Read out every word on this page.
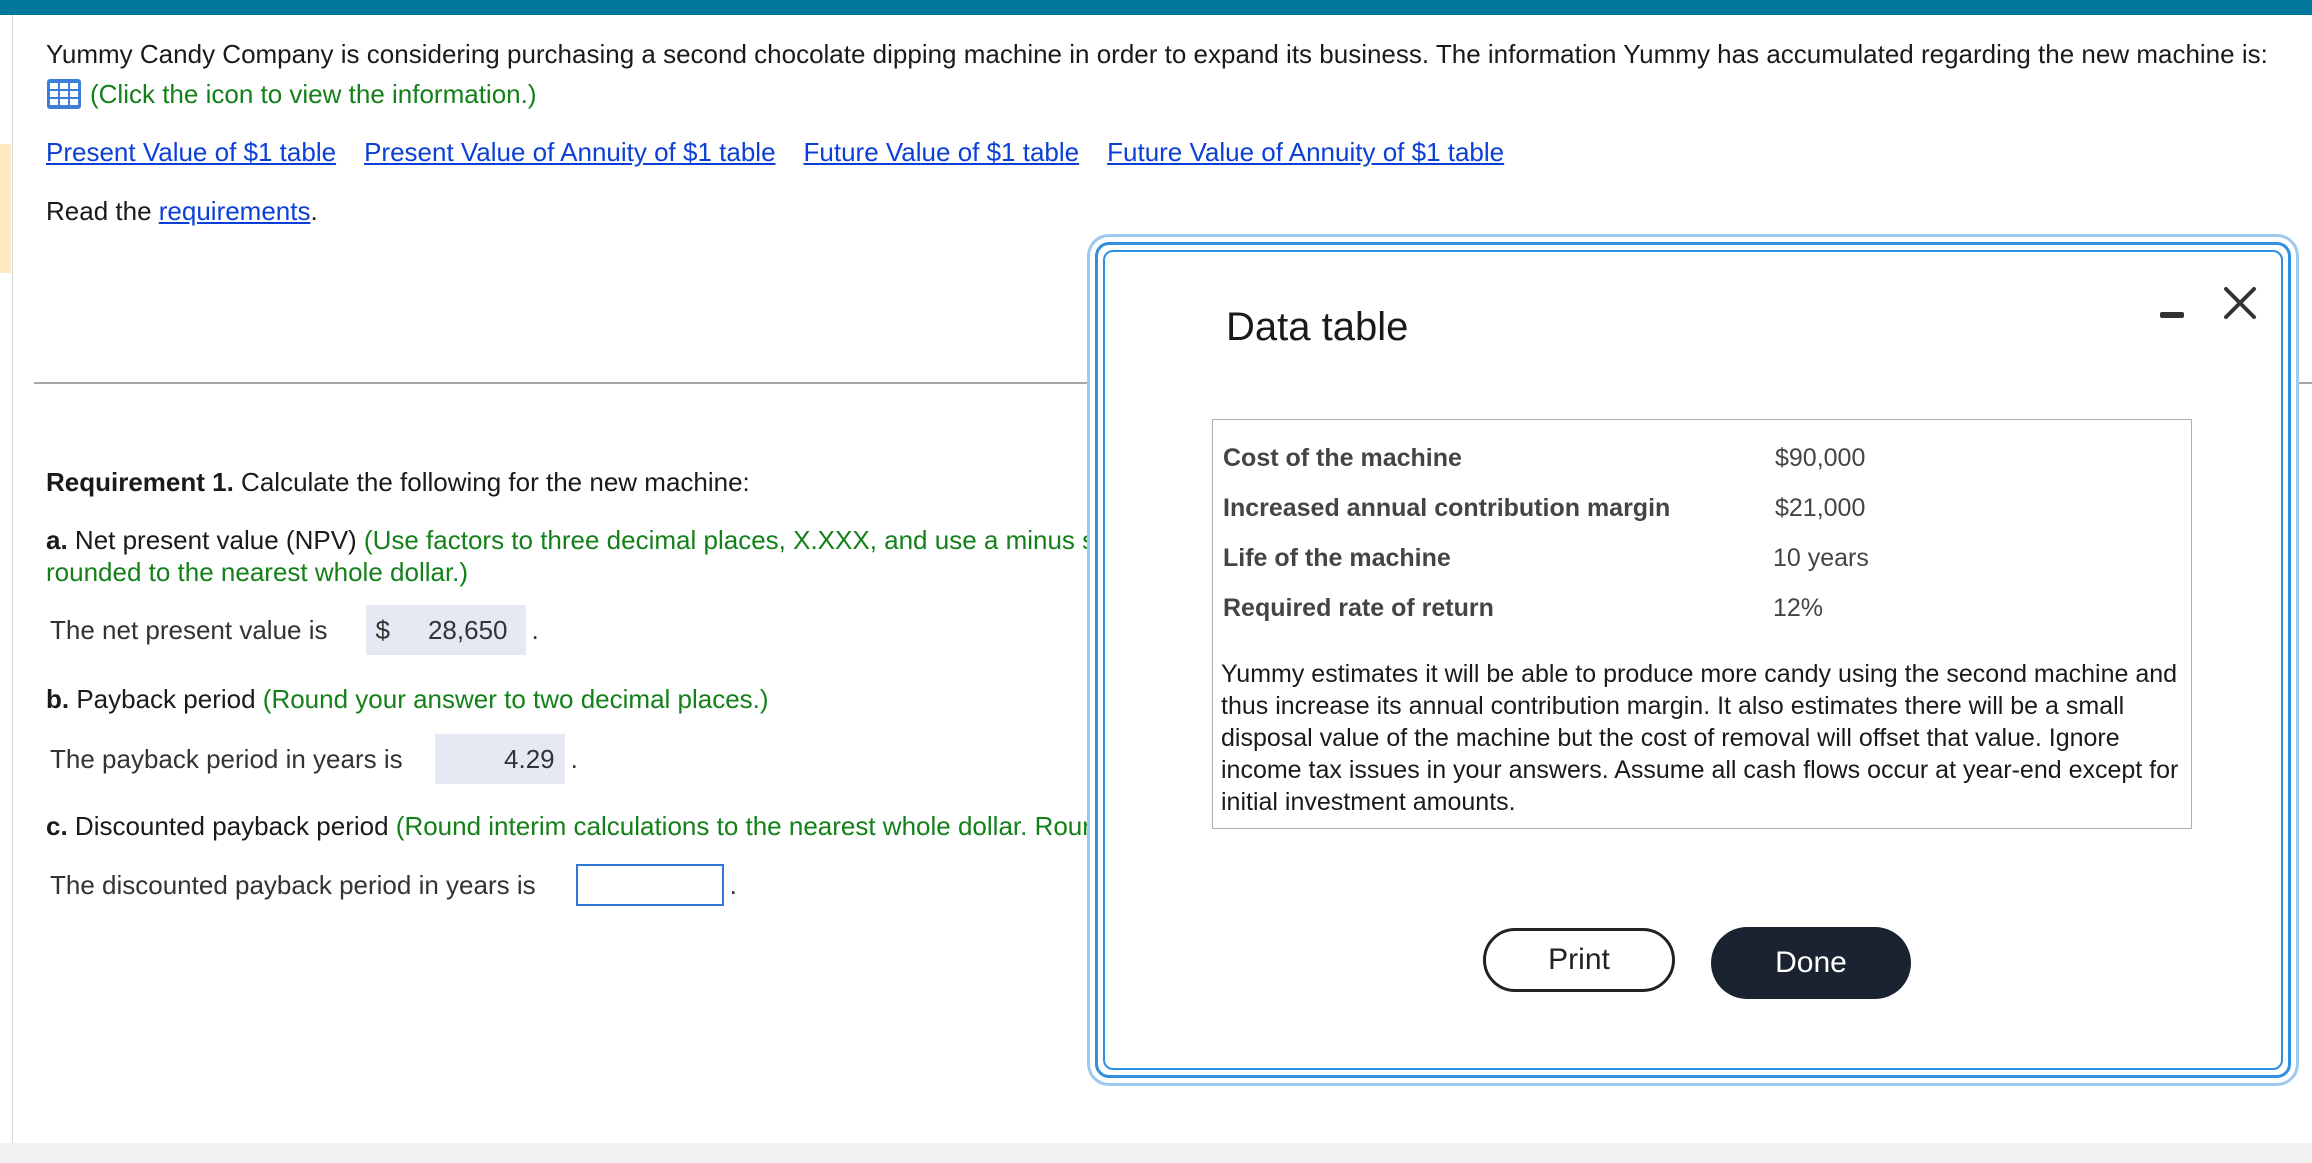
Yummy Candy Company is considering purchasing a second chocolate dipping machine in order to expand its business. The information Yummy has accumulated regarding the new machine is:
(Click the icon to view the information.)
Present Value of $1 table Present Value of Annuity of $1 table Future Value of $1 table Future Value of Annuity of $1 table
Read the requirements.
Requirement 1. Calculate the following for the new machine:
a. Net present value (NPV) (Use factors to three decimal places, X.XXX, and use a minus s
rounded to the nearest whole dollar.)
The net present value is $ 28,650 .
b. Payback period (Round your answer to two decimal places.)
The payback period in years is	4.29 .
c. Discounted payback period (Round interim calculations to the nearest whole dollar. Rour
The discounted payback period in years is	.
Data table
Cost of the machine	$90,000
Increased annual contribution margin	$21,000
Life of the machine	10 years
Required rate of return	12%
Yummy estimates it will be able to produce more candy using the second machine and thus increase its annual contribution margin. It also estimates there will be a small disposal value of the machine but the cost of removal will offset that value. Ignore income tax issues in your answers. Assume all cash flows occur at year-end except for initial investment amounts.
Print	Done
